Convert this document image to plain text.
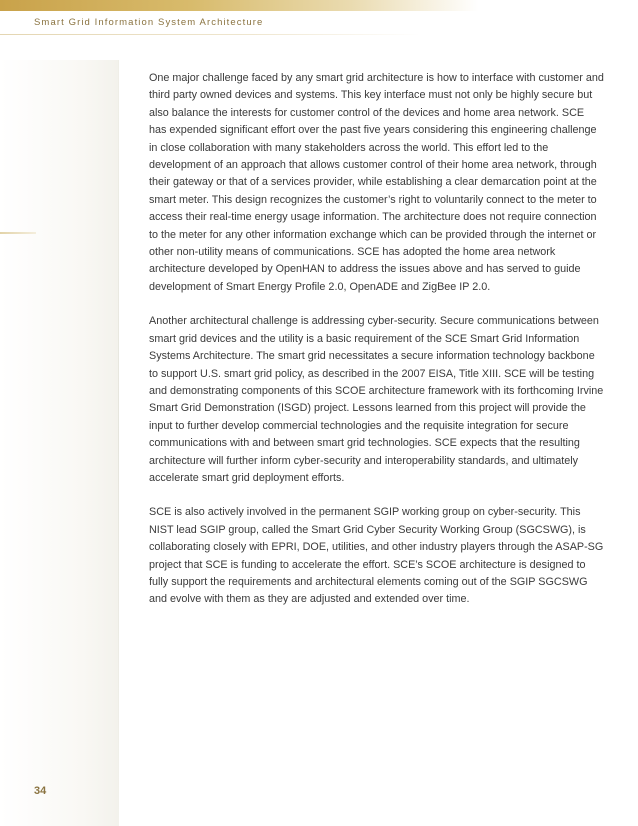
Smart Grid Information System Architecture

One major challenge faced by any smart grid architecture is how to interface with customer and third party owned devices and systems. This key interface must not only be highly secure but also balance the interests for customer control of the devices and home area network. SCE has expended significant effort over the past five years considering this engineering challenge in close collaboration with many stakeholders across the world. This effort led to the development of an approach that allows customer control of their home area network, through their gateway or that of a services provider, while establishing a clear demarcation point at the smart meter. This design recognizes the customer’s right to voluntarily connect to the meter to access their real-time energy usage information. The architecture does not require connection to the meter for any other information exchange which can be provided through the internet or other non-utility means of communications. SCE has adopted the home area network architecture developed by OpenHAN to address the issues above and has served to guide development of Smart Energy Profile 2.0, OpenADE and ZigBee IP 2.0.

Another architectural challenge is addressing cyber-security. Secure communications between smart grid devices and the utility is a basic requirement of the SCE Smart Grid Information Systems Architecture. The smart grid necessitates a secure information technology backbone to support U.S. smart grid policy, as described in the 2007 EISA, Title XIII. SCE will be testing and demonstrating components of this SCOE architecture framework with its forthcoming Irvine Smart Grid Demonstration (ISGD) project. Lessons learned from this project will provide the input to further develop commercial technologies and the requisite integration for secure communications with and between smart grid technologies. SCE expects that the resulting architecture will further inform cyber-security and interoperability standards, and ultimately accelerate smart grid deployment efforts.

SCE is also actively involved in the permanent SGIP working group on cyber-security. This NIST lead SGIP group, called the Smart Grid Cyber Security Working Group (SGCSWG), is collaborating closely with EPRI, DOE, utilities, and other industry players through the ASAP-SG project that SCE is funding to accelerate the effort. SCE’s SCOE architecture is designed to fully support the requirements and architectural elements coming out of the SGIP SGCSWG and evolve with them as they are adjusted and extended over time.

34
